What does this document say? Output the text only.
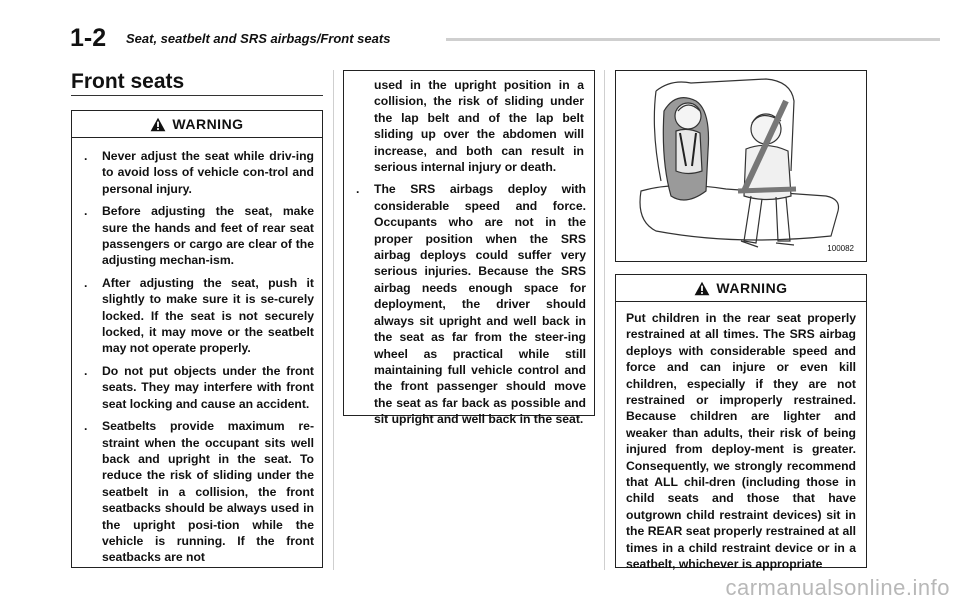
1-2 Seat, seatbelt and SRS airbags/Front seats
Front seats
WARNING
. Never adjust the seat while driv-ing to avoid loss of vehicle con-trol and personal injury.
. Before adjusting the seat, make sure the hands and feet of rear seat passengers or cargo are clear of the adjusting mechan-ism.
. After adjusting the seat, push it slightly to make sure it is se-curely locked. If the seat is not securely locked, it may move or the seatbelt may not operate properly.
. Do not put objects under the front seats. They may interfere with front seat locking and cause an accident.
. Seatbelts provide maximum re-straint when the occupant sits well back and upright in the seat. To reduce the risk of sliding under the seatbelt in a collision, the front seatbacks should be always used in the upright posi-tion while the vehicle is running. If the front seatbacks are not
used in the upright position in a collision, the risk of sliding under the lap belt and of the lap belt sliding up over the abdomen will increase, and both can result in serious internal injury or death.
. The SRS airbags deploy with considerable speed and force. Occupants who are not in the proper position when the SRS airbag deploys could suffer very serious injuries. Because the SRS airbag needs enough space for deployment, the driver should always sit upright and well back in the seat as far from the steer-ing wheel as practical while still maintaining full vehicle control and the front passenger should move the seat as far back as possible and sit upright and well back in the seat.
100082
WARNING
Put children in the rear seat properly restrained at all times. The SRS airbag deploys with considerable speed and force and can injure or even kill children, especially if they are not restrained or improperly restrained. Because children are lighter and weaker than adults, their risk of being injured from deploy-ment is greater. Consequently, we strongly recommend that ALL chil-dren (including those in child seats and those that have outgrown child restraint devices) sit in the REAR seat properly restrained at all times in a child restraint device or in a seatbelt, whichever is appropriate
carmanualsonline.info
